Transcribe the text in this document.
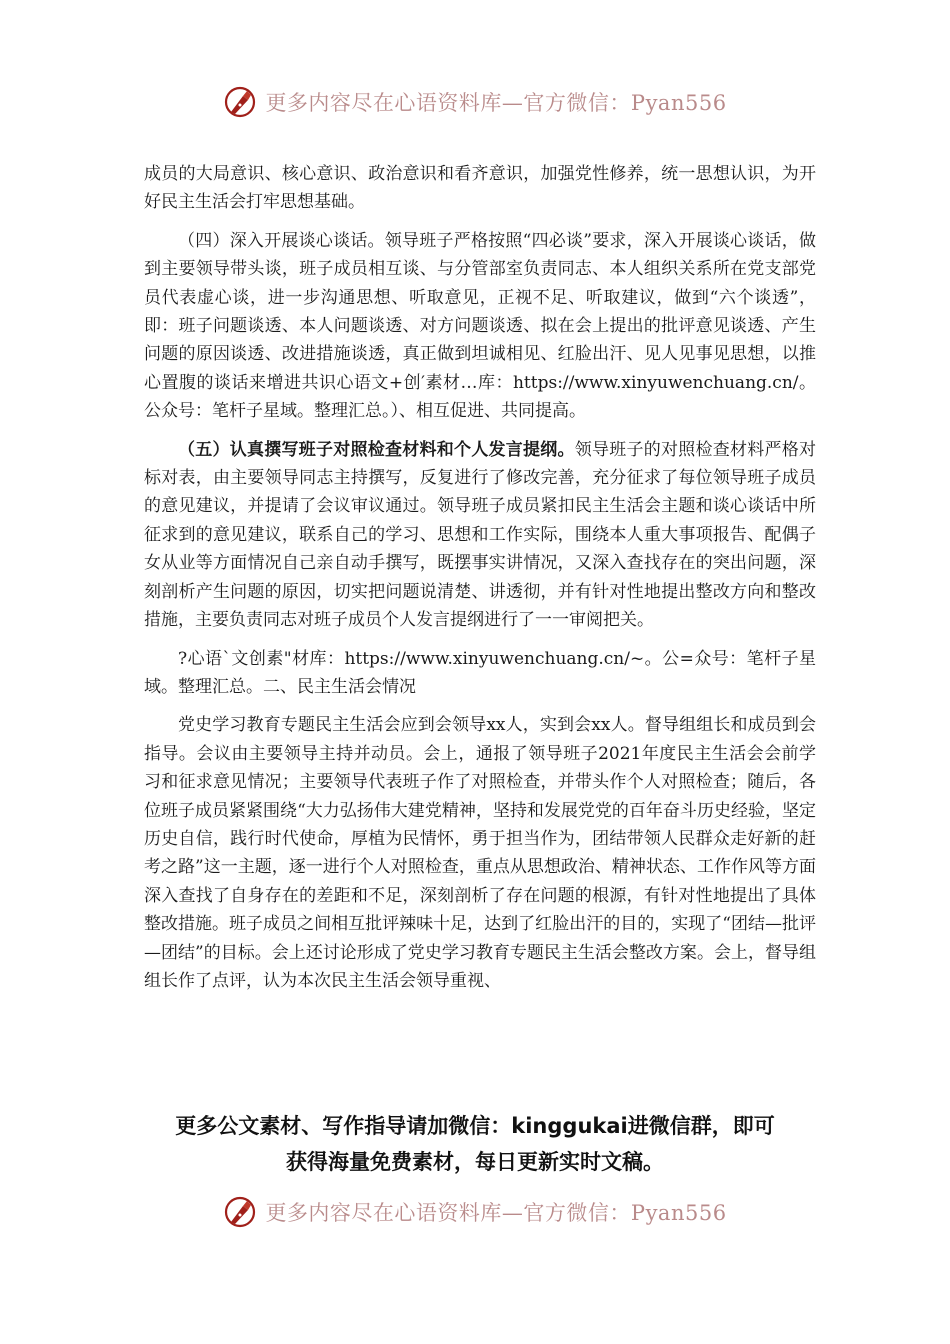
更多内容尽在心语资料库—官方微信：Pyan556

成员的大局意识、核心意识、政治意识和看齐意识，加强党性修养，统一思想认识，为开好民主生活会打牢思想基础。

（四）深入开展谈心谈话。领导班子严格按照“四必谈”要求，深入开展谈心谈话，做到主要领导带头谈，班子成员相互谈、与分管部室负责同志、本人组织关系所在党支部党员代表虚心谈，进一步沟通思想、听取意见，正视不足、听取建议，做到“六个谈透”，即：班子问题谈透、本人问题谈透、对方问题谈透、拟在会上提出的批评意见谈透、产生问题的原因谈透、改进措施谈透，真正做到坦诚相见、红脸出汗、见人见事见思想，以推心置腹的谈话来增进共识心语文+创′素材…库：https://www.xinyuwenchuang.cn/。公众号：笔杆子星域。整理汇总。）、相互促进、共同提高。

（五）认真撰写班子对照检查材料和个人发言提纲。领导班子的对照检查材料严格对标对表，由主要领导同志主持撰写，反复进行了修改完善，充分征求了每位领导班子成员的意见建议，并提请了会议审议通过。领导班子成员紧扣民主生活会主题和谈心谈话中所征求到的意见建议，联系自己的学习、思想和工作实际，围绕本人重大事项报告、配偶子女从业等方面情况自己亲自动手撰写，既摆事实讲情况，又深入查找存在的突出问题，深刻剖析产生问题的原因，切实把问题说清楚、讲透彻，并有针对性地提出整改方向和整改措施，主要负责同志对班子成员个人发言提纲进行了一一审阅把关。

?心语`文创素"材库：https://www.xinyuwenchuang.cn/~。公=众号：笔杆子星域。整理汇总。二、民主生活会情况

党史学习教育专题民主生活会应到会领导xx人，实到会xx人。督导组组长和成员到会指导。会议由主要领导主持并动员。会上，通报了领导班子2021年度民主生活会会前学习和征求意见情况；主要领导代表班子作了对照检查，并带头作个人对照检查；随后，各位班子成员紧紧围绕“大力弘扬伟大建党精神，坚持和发展党党的百年奋斗历史经验，坚定历史自信，践行时代使命，厚植为民情怀，勇于担当作为，团结带领人民群众走好新的赶考之路”这一主题，逐一进行个人对照检查，重点从思想政治、精神状态、工作作风等方面深入查找了自身存在的差距和不足，深刻剖析了存在问题的根源，有针对性地提出了具体整改措施。班子成员之间相互批评辣味十足，达到了红脸出汗的目的，实现了“团结—批评—团结”的目标。会上还讨论形成了党史学习教育专题民主生活会整改方案。会上，督导组组长作了点评，认为本次民主生活会领导重视、

更多公文素材、写作指导请加微信：kinggukai进微信群，即可
获得海量免费素材，每日更新实时文稿。
更多内容尽在心语资料库—官方微信：Pyan556
